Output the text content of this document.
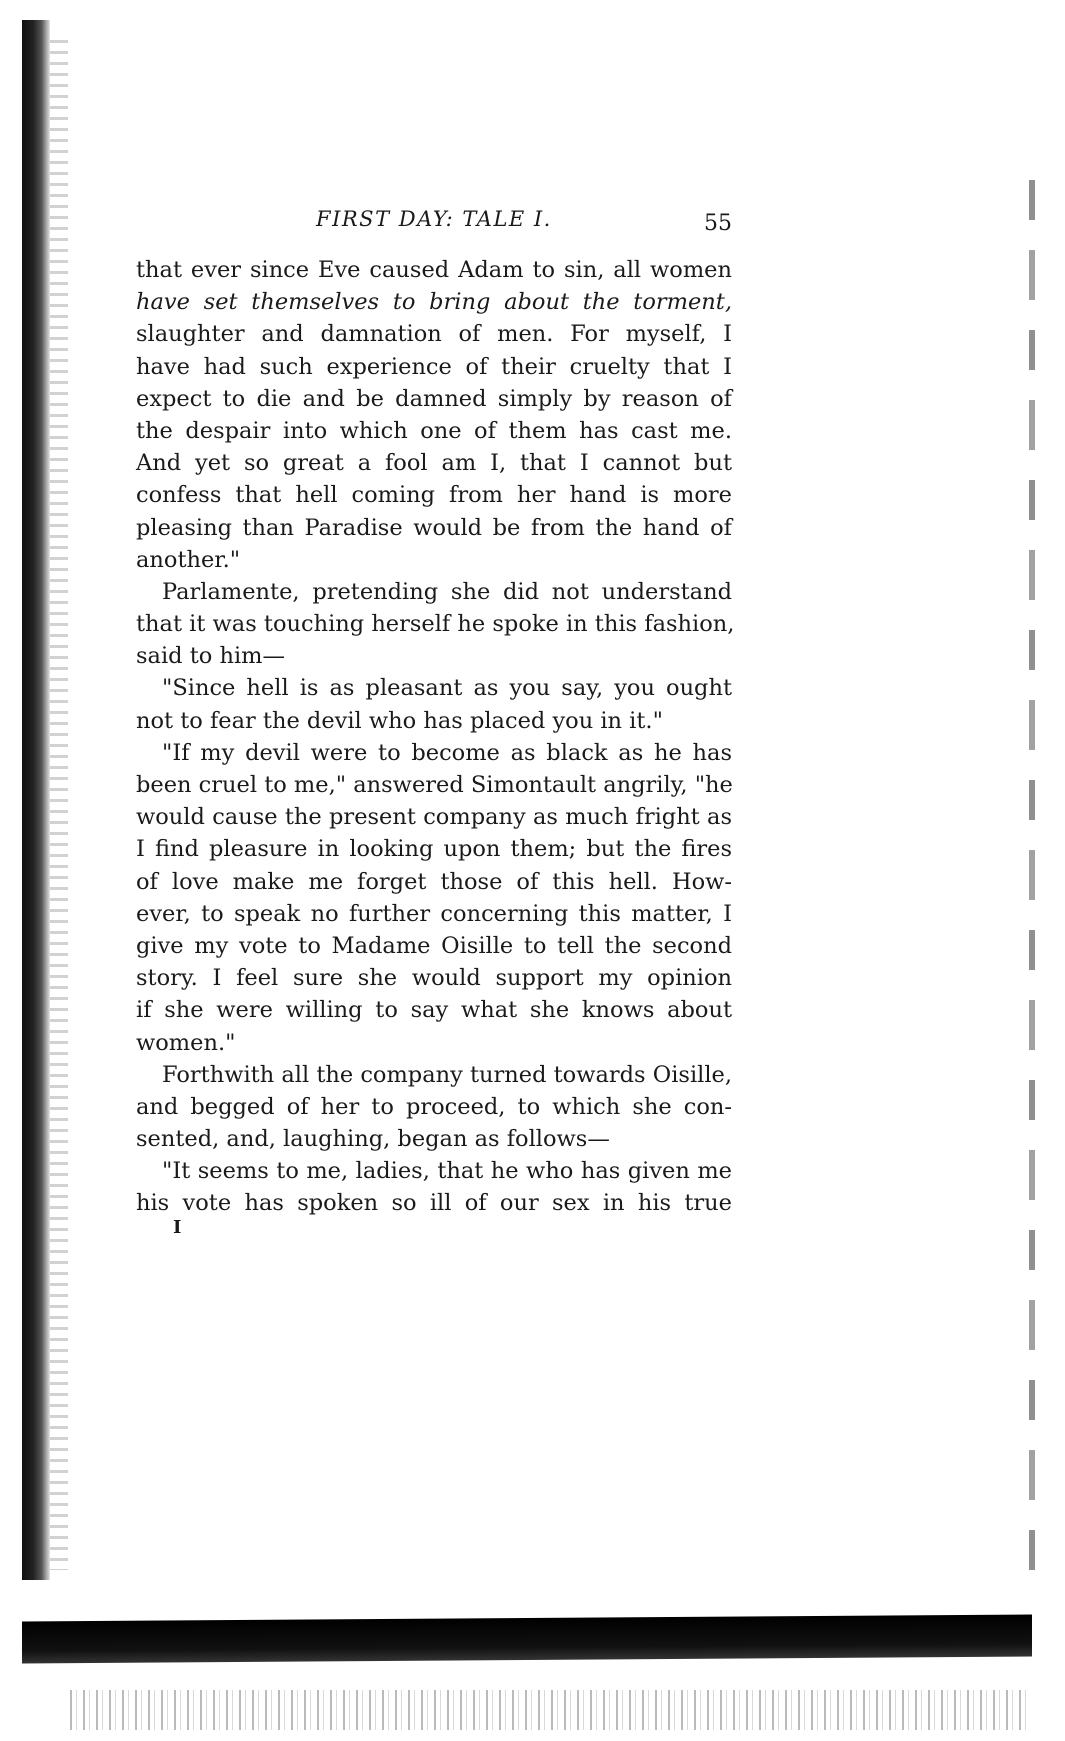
FIRST DAY: TALE I.	55
that ever since Eve caused Adam to sin, all women
have set themselves to bring about the torment,
slaughter and damnation of men. For myself, I
have had such experience of their cruelty that I
expect to die and be damned simply by reason of
the despair into which one of them has cast me.
And yet so great a fool am I, that I cannot but
confess that hell coming from her hand is more
pleasing than Paradise would be from the hand of
another."
Parlamente, pretending she did not understand
that it was touching herself he spoke in this fashion,
said to him—
"Since hell is as pleasant as you say, you ought
not to fear the devil who has placed you in it."
"If my devil were to become as black as he has
been cruel to me," answered Simontault angrily, "he
would cause the present company as much fright as
I find pleasure in looking upon them; but the fires
of love make me forget those of this hell. How-
ever, to speak no further concerning this matter, I
give my vote to Madame Oisille to tell the second
story. I feel sure she would support my opinion
if she were willing to say what she knows about
women."
Forthwith all the company turned towards Oisille,
and begged of her to proceed, to which she con-
sented, and, laughing, began as follows—
"It seems to me, ladies, that he who has given me
his vote has spoken so ill of our sex in his true
I
